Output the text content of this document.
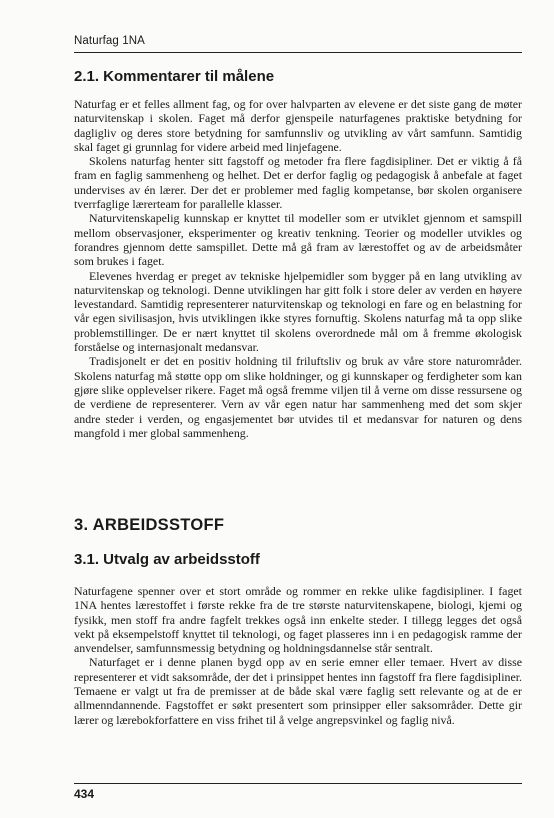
Naturfag 1NA
2.1. Kommentarer til målene

Naturfag er et felles allment fag, og for over halvparten av elevene er det siste gang de møter naturvitenskap i skolen. Faget må derfor gjenspeile naturfagenes praktiske betydning for dagligliv og deres store betydning for samfunnsliv og utvikling av vårt samfunn. Samtidig skal faget gi grunnlag for videre arbeid med linjefagene.

Skolens naturfag henter sitt fagstoff og metoder fra flere fagdisipliner. Det er viktig å få fram en faglig sammenheng og helhet. Det er derfor faglig og pedagogisk å anbefale at faget undervises av én lærer. Der det er problemer med faglig kompetanse, bør skolen organisere tverrfaglige lærerteam for parallelle klasser.

Naturvitenskapelig kunnskap er knyttet til modeller som er utviklet gjennom et samspill mellom observasjoner, eksperimenter og kreativ tenkning. Teorier og modeller utvikles og forandres gjennom dette samspillet. Dette må gå fram av lærestoffet og av de arbeidsmåter som brukes i faget.

Elevenes hverdag er preget av tekniske hjelpemidler som bygger på en lang utvikling av naturvitenskap og teknologi. Denne utviklingen har gitt folk i store deler av verden en høyere levestandard. Samtidig representerer naturvitenskap og teknologi en fare og en belastning for vår egen sivilisasjon, hvis utviklingen ikke styres fornuftig. Skolens naturfag må ta opp slike problemstillinger. De er nært knyttet til skolens overordnede mål om å fremme økologisk forståelse og internasjonalt medansvar.

Tradisjonelt er det en positiv holdning til friluftsliv og bruk av våre store naturområder. Skolens naturfag må støtte opp om slike holdninger, og gi kunnskaper og ferdigheter som kan gjøre slike opplevelser rikere. Faget må også fremme viljen til å verne om disse ressursene og de verdiene de representerer. Vern av vår egen natur har sammenheng med det som skjer andre steder i verden, og engasjementet bør utvides til et medansvar for naturen og dens mangfold i mer global sammenheng.

3. ARBEIDSSTOFF
3.1. Utvalg av arbeidsstoff

Naturfagene spenner over et stort område og rommer en rekke ulike fagdisipliner. I faget 1NA hentes lærestoffet i første rekke fra de tre største naturvitenskapene, biologi, kjemi og fysikk, men stoff fra andre fagfelt trekkes også inn enkelte steder. I tillegg legges det også vekt på eksempelstoff knyttet til teknologi, og faget plasseres inn i en pedagogisk ramme der anvendelser, samfunnsmessig betydning og holdningsdannelse står sentralt.

Naturfaget er i denne planen bygd opp av en serie emner eller temaer. Hvert av disse representerer et vidt saksområde, der det i prinsippet hentes inn fagstoff fra flere fagdisipliner. Temaene er valgt ut fra de premisser at de både skal være faglig sett relevante og at de er allmenndannende. Fagstoffet er søkt presentert som prinsipper eller saksområder. Dette gir lærer og lærebokforfattere en viss frihet til å velge angrepsvinkel og faglig nivå.

434
